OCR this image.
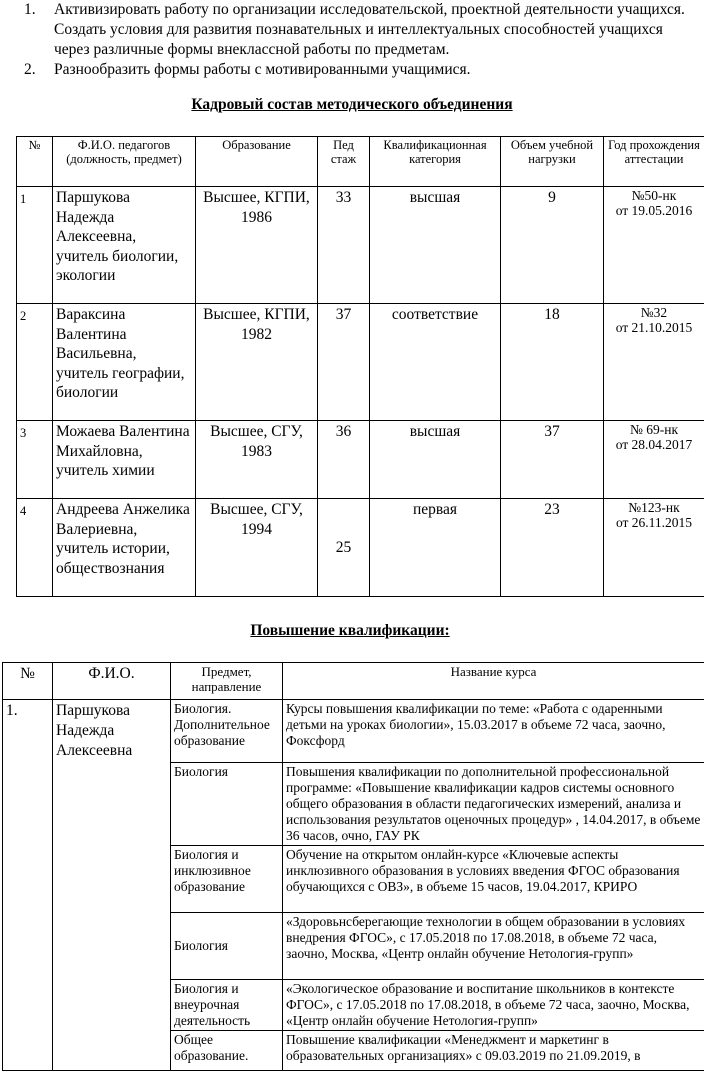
1. Активизировать работу по организации исследовательской, проектной деятельности учащихся. Создать условия для развития познавательных и интеллектуальных способностей учащихся через различные формы внеклассной работы по предметам.
2. Разнообразить формы работы с мотивированными учащимися.
Кадровый состав методического объединения
№	Ф.И.О. педагогов (должность, предмет)	Образование	Пед стаж	Квалификационная категория	Объем учебной нагрузки	Год прохождения аттестации
1	Паршукова Надежда Алексеевна, учитель биологии, экологии	Высшее, КГПИ, 1986	33	высшая	9	№50-нк
от 19.05.2016

2	Вараксина Валентина Васильевна, учитель географии, биологии	Высшее, КГПИ, 1982	37	соответствие	18	№32
от 21.10.2015

3	Можаева Валентина Михайловна, учитель химии	Высшее, СГУ, 1983	36	высшая	37	№ 69-нк
от 28.04.2017

4	Андреева Анжелика Валериевна, учитель истории, обществознания	Высшее, СГУ, 1994	25	первая	23	№123-нк
от 26.11.2015
Повышение квалификации:
№	Ф.И.О.	Предмет, направление	Название курса
1.	Паршукова Надежда Алексеевна	Биология. Дополнительное образование	Курсы повышения квалификации по теме: «Работа с одаренными детьми на уроках биологии», 15.03.2017 в объеме 72 часа, заочно, Фоксфорд
		Биология	Повышения квалификации по дополнительной профессиональной программе: «Повышение квалификации кадров системы основного общего образования в области педагогических измерений, анализа и использования результатов оценочных процедур» , 14.04.2017, в объеме 36 часов, очно, ГАУ РК
		Биология и инклюзивное образование	Обучение на открытом онлайн-курсе «Ключевые аспекты инклюзивного образования в условиях введения ФГОС образования обучающихся с ОВЗ», в объеме 15 часов, 19.04.2017, КРИРО
		Биология	«Здоровьнсберегающие технологии в общем образовании в условиях внедрения ФГОС», с 17.05.2018 по 17.08.2018, в объеме 72 часа, заочно, Москва, «Центр онлайн обучение Нетология-групп»
		Биология и внеурочная деятельность	«Экологическое образование и воспитание школьников в контексте ФГОС», с 17.05.2018 по 17.08.2018, в объеме 72 часа, заочно, Москва, «Центр онлайн обучение Нетология-групп»
		Общее образование.	Повышение квалификации «Менеджмент и маркетинг в образовательных организациях» с 09.03.2019 по 21.09.2019, в
